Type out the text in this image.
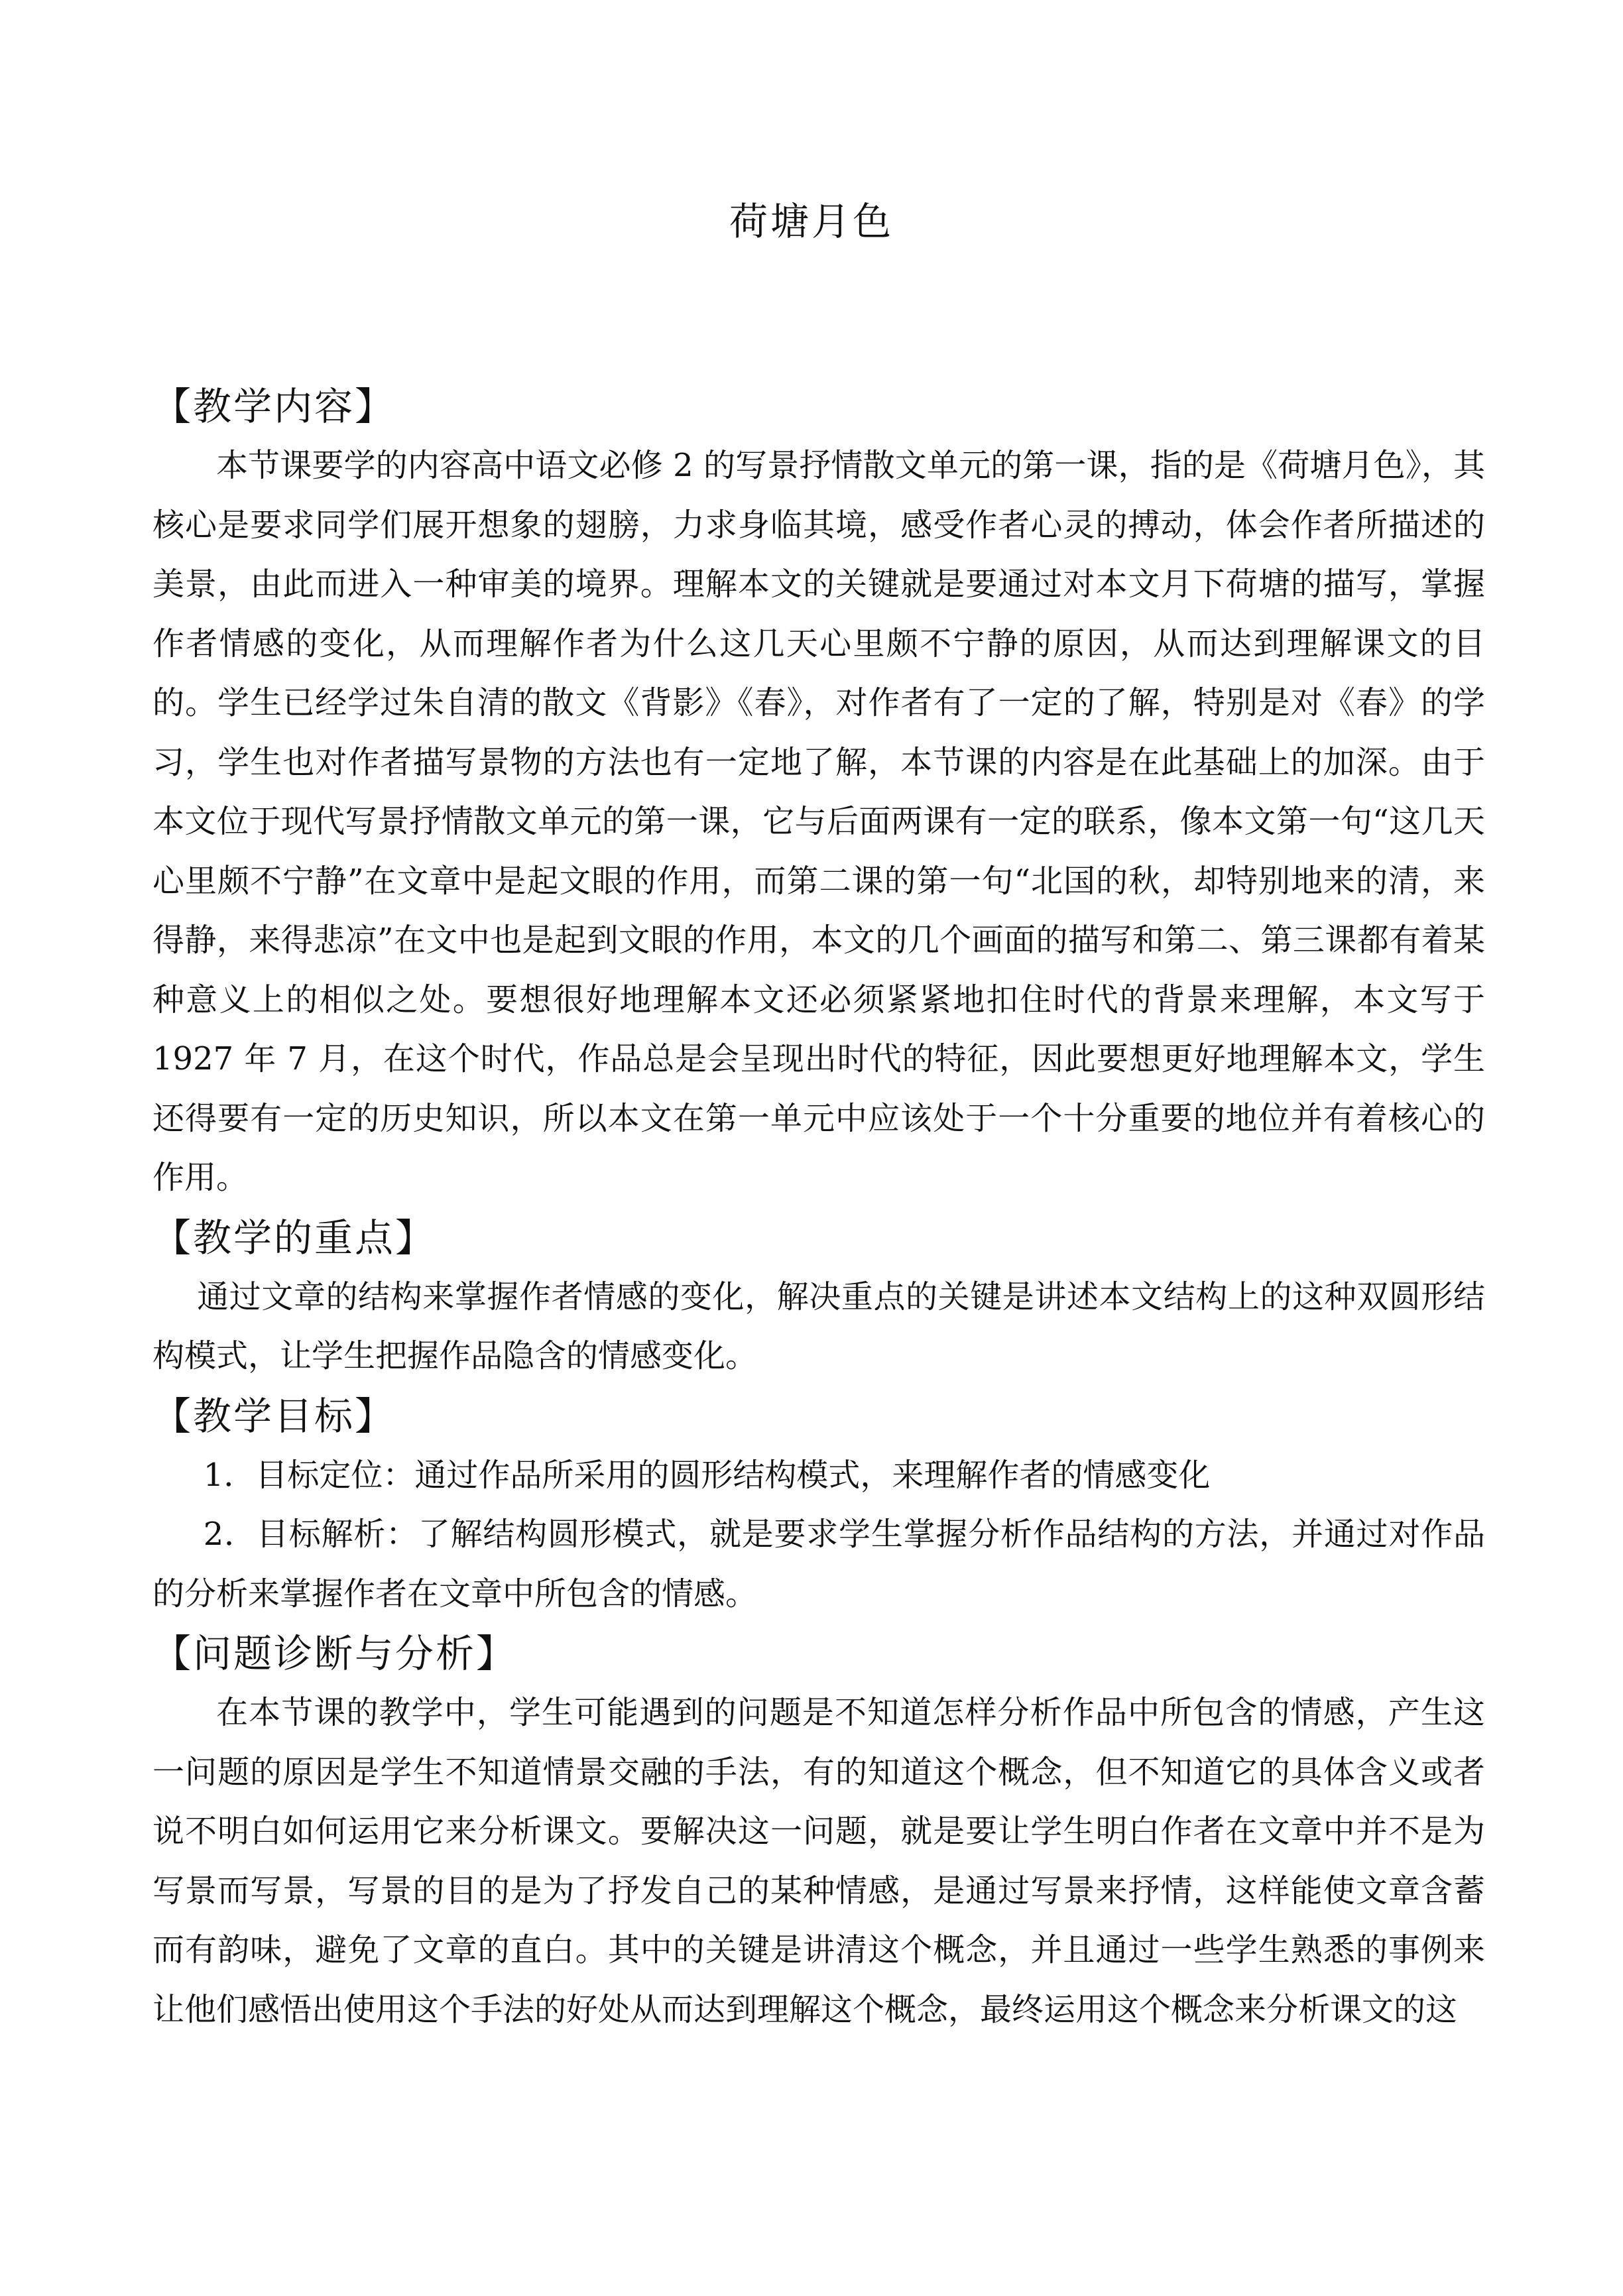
荷塘月色
【教学内容】

本节课要学的内容高中语文必修 2 的写景抒情散文单元的第一课，指的是《荷塘月色》，其核心是要求同学们展开想象的翅膀，力求身临其境，感受作者心灵的搏动，体会作者所描述的美景，由此而进入一种审美的境界。理解本文的关键就是要通过对本文月下荷塘的描写，掌握作者情感的变化，从而理解作者为什么这几天心里颇不宁静的原因，从而达到理解课文的目的。学生已经学过朱自清的散文《背影》《春》，对作者有了一定的了解，特别是对《春》的学习，学生也对作者描写景物的方法也有一定地了解，本节课的内容是在此基础上的加深。由于本文位于现代写景抒情散文单元的第一课，它与后面两课有一定的联系，像本文第一句“这几天心里颇不宁静”在文章中是起文眼的作用，而第二课的第一句“北国的秋，却特别地来的清，来得静，来得悲凉”在文中也是起到文眼的作用，本文的几个画面的描写和第二、第三课都有着某种意义上的相似之处。要想很好地理解本文还必须紧紧地扣住时代的背景来理解，本文写于 1927 年 7 月，在这个时代，作品总是会呈现出时代的特征，因此要想更好地理解本文，学生还得要有一定的历史知识，所以本文在第一单元中应该处于一个十分重要的地位并有着核心的作用。

【教学的重点】

通过文章的结构来掌握作者情感的变化，解决重点的关键是讲述本文结构上的这种双圆形结构模式，让学生把握作品隐含的情感变化。

【教学目标】

1．目标定位：通过作品所采用的圆形结构模式，来理解作者的情感变化

2．目标解析：了解结构圆形模式，就是要求学生掌握分析作品结构的方法，并通过对作品的分析来掌握作者在文章中所包含的情感。

【问题诊断与分析】

在本节课的教学中，学生可能遇到的问题是不知道怎样分析作品中所包含的情感，产生这一问题的原因是学生不知道情景交融的手法，有的知道这个概念，但不知道它的具体含义或者说不明白如何运用它来分析课文。要解决这一问题，就是要让学生明白作者在文章中并不是为写景而写景，写景的目的是为了抒发自己的某种情感，是通过写景来抒情，这样能使文章含蓄而有韵味，避免了文章的直白。其中的关键是讲清这个概念，并且通过一些学生熟悉的事例来让他们感悟出使用这个手法的好处从而达到理解这个概念，最终运用这个概念来分析课文的这
